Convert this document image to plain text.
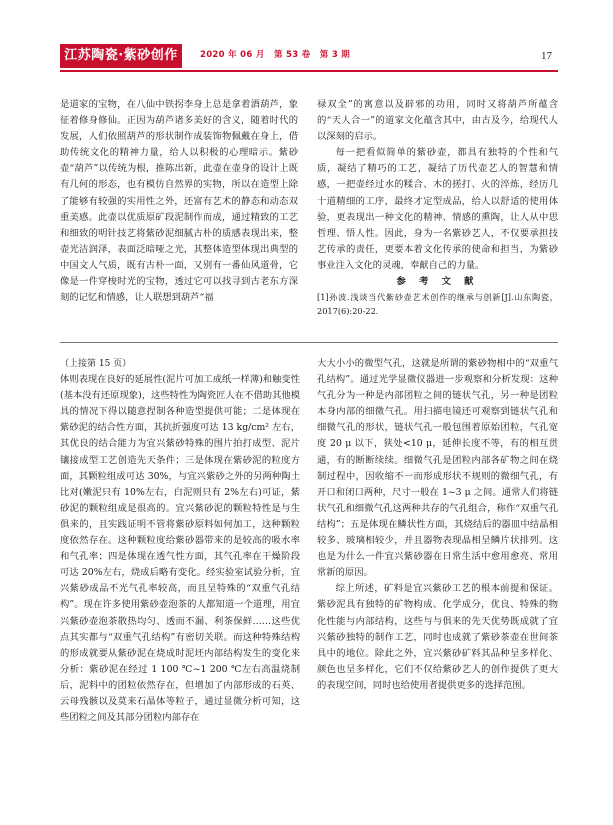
江苏陶瓷·紫砂创作	2020 年 06 月 第 53 卷 第 3 期	17

是道家的宝物，在八仙中铁拐李身上总是拿着酒葫芦，象征着修身修仙。正因为葫芦诸多美好的含义，随着时代的发展，人们依照葫芦的形状制作成装饰物佩戴在身上，借助传统文化的精神力量，给人以积极的心理暗示。紫砂壶“葫芦”以传统为根，推陈出新，此壶在壶身的设计上既有几何的形态，也有模仿自然界的实物，所以在造型上除了能够有较强的实用性之外，还富有艺术的静态和动态双重美感。此壶以优质原矿段泥制作而成，通过精致的工艺和细致的明针技艺将紫砂泥细腻古朴的质感表现出来，整壶光洁润泽，表面泛暗哑之光，其整体造型体现出典型的中国文人气质，既有古朴一面，又别有一番仙风道骨，它像是一件穿梭时光的宝物，透过它可以找寻到古老东方深刻的记忆和情感，让人联想到葫芦“福

禄双全”的寓意以及辟邪的功用，同时又将葫芦所蕴含的“天人合一”的道家文化蕴含其中，由古及今，给现代人以深刻的启示。

每一把看似简单的紫砂壶，都具有独特的个性和气质，凝结了精巧的工艺，凝结了历代壶艺人的智慧和情感，一把壶经过水的糅合、木的搓打、火的淬炼，经历几十道精细的工序，最终才定型成品，给人以舒适的使用体验，更表现出一种文化的精神、情感的熏陶，让人从中思哲理、悟人性。因此，身为一名紫砂艺人，不仅要承担技艺传承的责任，更要本着文化传承的使命和担当，为紫砂事业注入文化的灵魂，奉献自己的力量。

参 考 文 献

[1]孙波.浅谈当代紫砂壶艺术创作的继承与创新[J].山东陶瓷，2017(6):20-22.

（上接第 15 页）

体则表现在良好的延展性(泥片可加工成纸一样薄)和触变性(基本没有还原现象)，这些特性为陶瓷匠人在不借助其他模具的情况下得以随意捏制各种造型提供可能；二是体现在紫砂泥的结合性方面，其抗折强度可达 13 kg/cm² 左右，其优良的结合能力为宜兴紫砂特殊的围片拍打成型、泥片镶接成型工艺创造先天条件；三是体现在紫砂泥的粒度方面，其颗粒组成可达 30%，与宜兴紫砂之外的另两种陶土比对(嫩泥只有 10%左右，白泥则只有 2%左右)可证，紫砂泥的颗粒组成是很高的。宜兴紫砂泥的颗粒特性是与生俱来的，且实践证明不管将紫砂原料如何加工，这种颗粒度依然存在。这种颗粒度给紫砂器带来的是较高的吸水率和气孔率；四是体现在透气性方面，其气孔率在干燥阶段可达 20%左右，烧成后略有变化。经实验室试验分析，宜兴紫砂成品不光气孔率较高，而且呈特殊的“双重气孔结构”。现在许多使用紫砂壶泡茶的人都知道一个道理，用宜兴紫砂壶泡茶散热均匀、透而不漏、利茶保鲜……这些优点其实都与“双重气孔结构”有密切关联。而这种特殊结构的形成就要从紫砂泥在烧成时泥坯内部结构发生的变化来分析：紫砂泥在经过 1 100 ℃~1 200 ℃左右高温烧制后，泥料中的团粒依然存在，但增加了内部形成的石英、云母残骸以及莫来石晶体等粒子，通过显微分析可知，这些团粒之间及其部分团粒内部存在

大大小小的微型气孔，这就是所谓的紫砂物相中的“双重气孔结构”。通过光学显微仪器进一步观察和分析发现：这种气孔分为一种是内部团粒之间的链状气孔，另一种是团粒本身内部的细微气孔。用扫描电镜还可观察到链状气孔和细微气孔的形状，链状气孔一般包围着原始团粒，气孔宽度 20 μ 以下，狭处<10 μ，延伸长度不等，有的相互贯通，有的断断续续。细微气孔是团粒内部各矿物之间在烧制过程中，因收缩不一而形成形状不规则的微细气孔，有开口和闭口两种，尺寸一般在 1~3 μ 之间。通常人们将链状气孔和细微气孔这两种共存的气孔组合，称作“双重气孔结构”；五是体现在鳞状性方面，其烧结后的器皿中结晶相较多、玻璃相较少，并且器物表现晶相呈鳞片状排列。这也是为什么一件宜兴紫砂器在日常生活中愈用愈亮、常用常新的原因。

综上所述，矿料是宜兴紫砂工艺的根本前提和保证。紫砂泥具有独特的矿物构成、化学成分，优良、特殊的物化性能与内部结构，这些与与俱来的先天优势既成就了宜兴紫砂独特的制作工艺，同时也成就了紫砂茶壶在世间茶具中的地位。除此之外，宜兴紫砂矿料其品种呈多样化、颜色也呈多样化，它们不仅给紫砂艺人的创作提供了更大的表现空间，同时也给使用者提供更多的选择范围。
